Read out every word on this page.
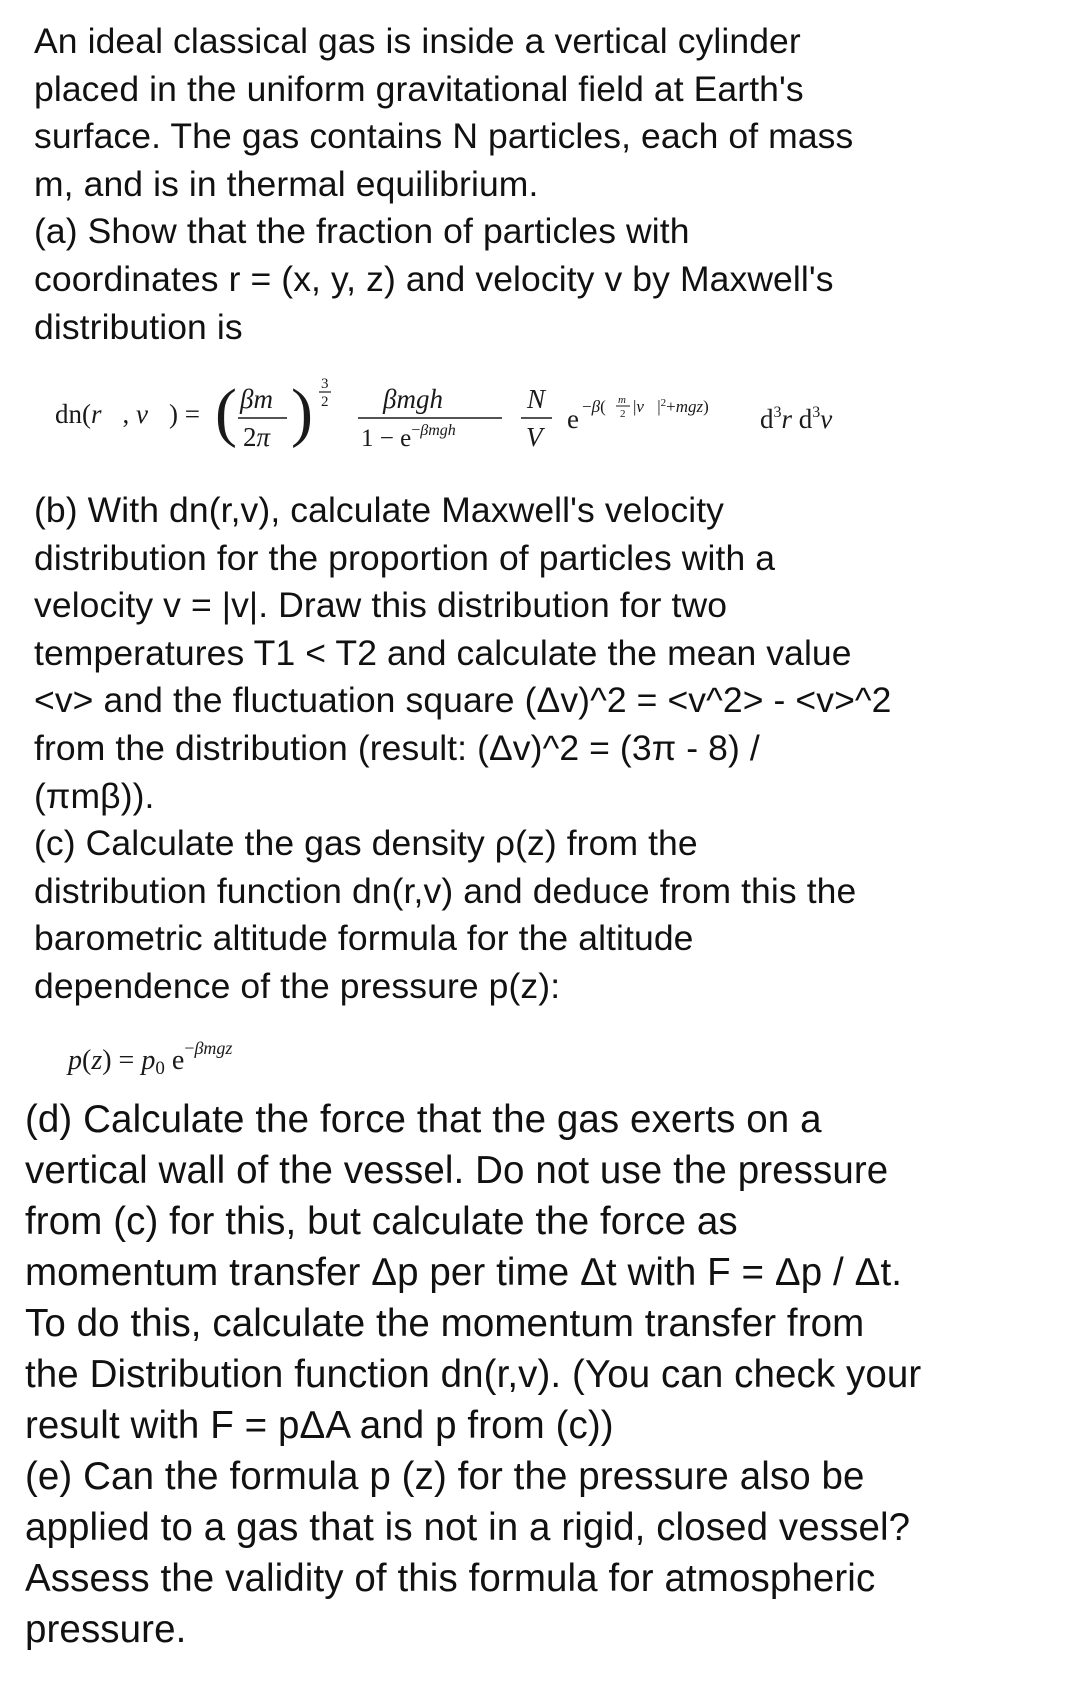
An ideal classical gas is inside a vertical cylinder
placed in the uniform gravitational field at Earth's
surface. The gas contains N particles, each of mass
m, and is in thermal equilibrium.
(a) Show that the fraction of particles with
coordinates r = (x, y, z) and velocity v by Maxwell's
distribution is
dn(r⃗, v⃗) = ( )
βm
2π
3
2 βmgh
1 − e−βmgh
N
V
e −β( m
2 $|v⃗|^2+mgz$) $d^3r$ $d^3v$
(b) With dn(r,v), calculate Maxwell's velocity
distribution for the proportion of particles with a
velocity v = |v|. Draw this distribution for two
temperatures T1 < T2 and calculate the mean value
<v> and the fluctuation square (Δv)^2 = <v^2> - <v>^2
from the distribution (result: (Δv)^2 = (3π - 8) /
(πmβ)).
(c) Calculate the gas density ρ(z) from the
distribution function dn(r,v) and deduce from this the
barometric altitude formula for the altitude
dependence of the pressure p(z):
p(z) = p0 e−βmgz
(d) Calculate the force that the gas exerts on a
vertical wall of the vessel. Do not use the pressure
from (c) for this, but calculate the force as
momentum transfer Δp per time Δt with F = Δp / Δt.
To do this, calculate the momentum transfer from
the Distribution function dn(r,v). (You can check your
result with F = pΔA and p from (c))
(e) Can the formula p (z) for the pressure also be
applied to a gas that is not in a rigid, closed vessel?
Assess the validity of this formula for atmospheric
pressure.
